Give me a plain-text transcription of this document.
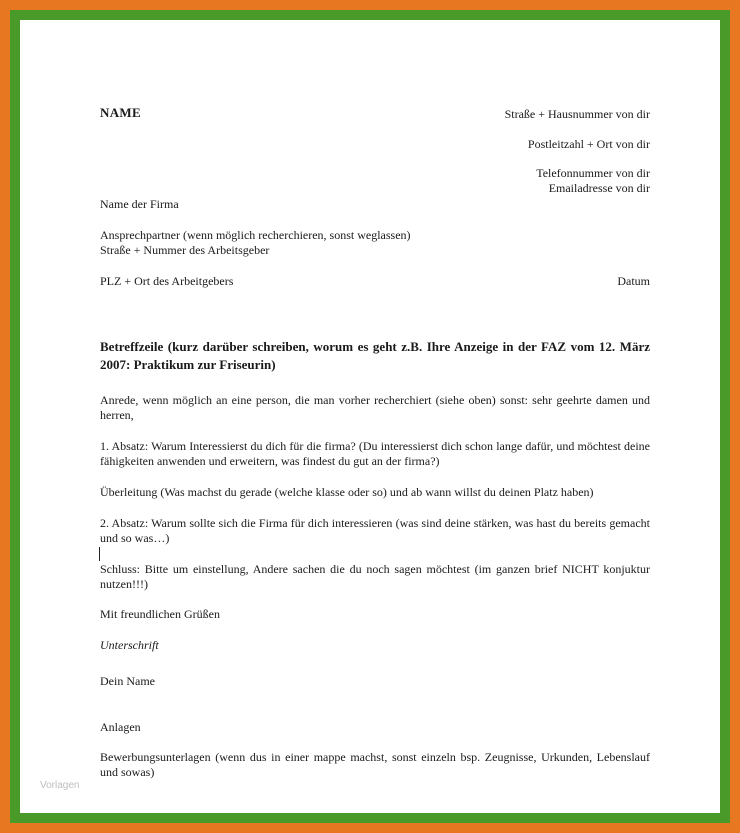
NAME	Straße + Hausnummer von dir
Postleitzahl + Ort von dir
Telefonnummer von dir
Emailadresse von dir
Name der Firma
Ansprechpartner (wenn möglich recherchieren, sonst weglassen)
Straße + Nummer des Arbeitsgeber
PLZ + Ort des Arbeitgebers	Datum
Betreffzeile (kurz darüber schreiben, worum es geht z.B. Ihre Anzeige in der FAZ vom 12. März 2007: Praktikum zur Friseurin)
Anrede, wenn möglich an eine person, die man vorher recherchiert (siehe oben) sonst: sehr geehrte damen und herren,
1. Absatz: Warum Interessierst du dich für die firma? (Du interessierst dich schon lange dafür, und möchtest deine fähigkeiten anwenden und erweitern, was findest du gut an der firma?)
Überleitung (Was machst du gerade (welche klasse oder so) und ab wann willst du deinen Platz haben)
2. Absatz: Warum sollte sich die Firma für dich interessieren (was sind deine stärken, was hast du bereits gemacht und so was…)
Schluss: Bitte um einstellung, Andere sachen die du noch sagen möchtest (im ganzen brief NICHT konjuktur nutzen!!!)
Mit freundlichen Grüßen
Unterschrift
Dein Name
Anlagen
Bewerbungsunterlagen (wenn dus in einer mappe machst, sonst einzeln bsp. Zeugnisse, Urkunden, Lebenslauf und sowas)
Vorlagen
